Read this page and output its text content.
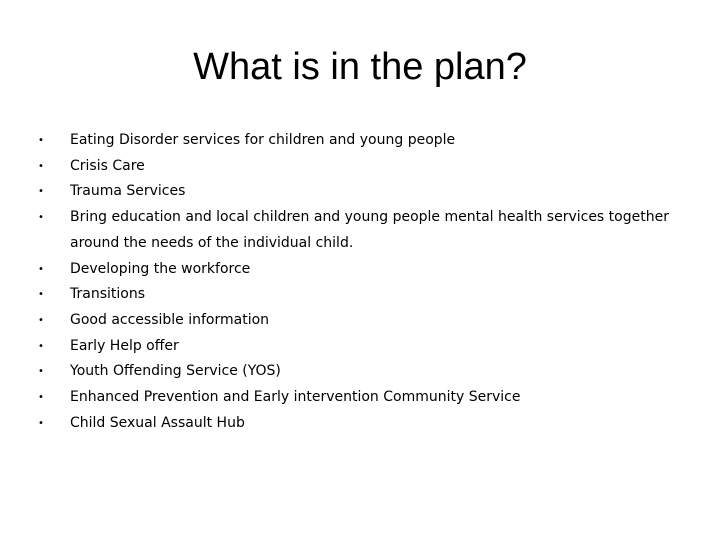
What is in the plan?
•	Eating Disorder services for children and young people
•	Crisis Care
•	Trauma Services
•	Bring education and local children and young people mental health services together around the needs of the individual child.
•	Developing the workforce
•	Transitions
•	Good accessible information
•	Early Help offer
•	Youth Offending Service (YOS)
•	Enhanced Prevention and Early intervention Community Service
•	Child Sexual Assault Hub
